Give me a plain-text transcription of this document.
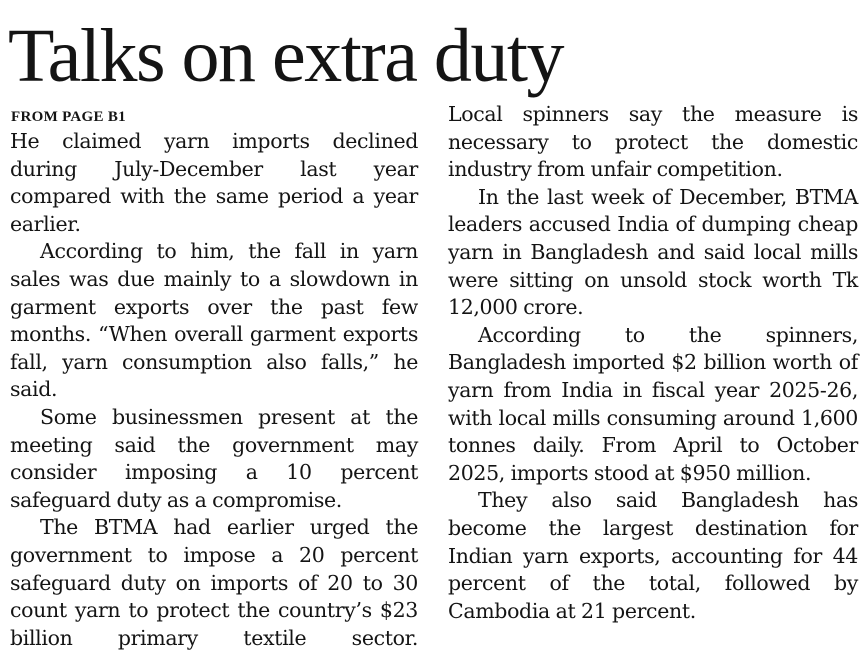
Talks on extra duty
FROM PAGE B1

He claimed yarn imports declined during July-December last year compared with the same period a year earlier.

According to him, the fall in yarn sales was due mainly to a slowdown in garment exports over the past few months. “When overall garment exports fall, yarn consumption also falls,” he said.

Some businessmen present at the meeting said the government may consider imposing a 10 percent safeguard duty as a compromise.

The BTMA had earlier urged the government to impose a 20 percent safeguard duty on imports of 20 to 30 count yarn to protect the country’s $23 billion primary textile sector.

Local spinners say the measure is necessary to protect the domestic industry from unfair competition.

In the last week of December, BTMA leaders accused India of dumping cheap yarn in Bangladesh and said local mills were sitting on unsold stock worth Tk 12,000 crore.

According to the spinners, Bangladesh imported $2 billion worth of yarn from India in fiscal year 2025-26, with local mills consuming around 1,600 tonnes daily. From April to October 2025, imports stood at $950 million.

They also said Bangladesh has become the largest destination for Indian yarn exports, accounting for 44 percent of the total, followed by Cambodia at 21 percent.
